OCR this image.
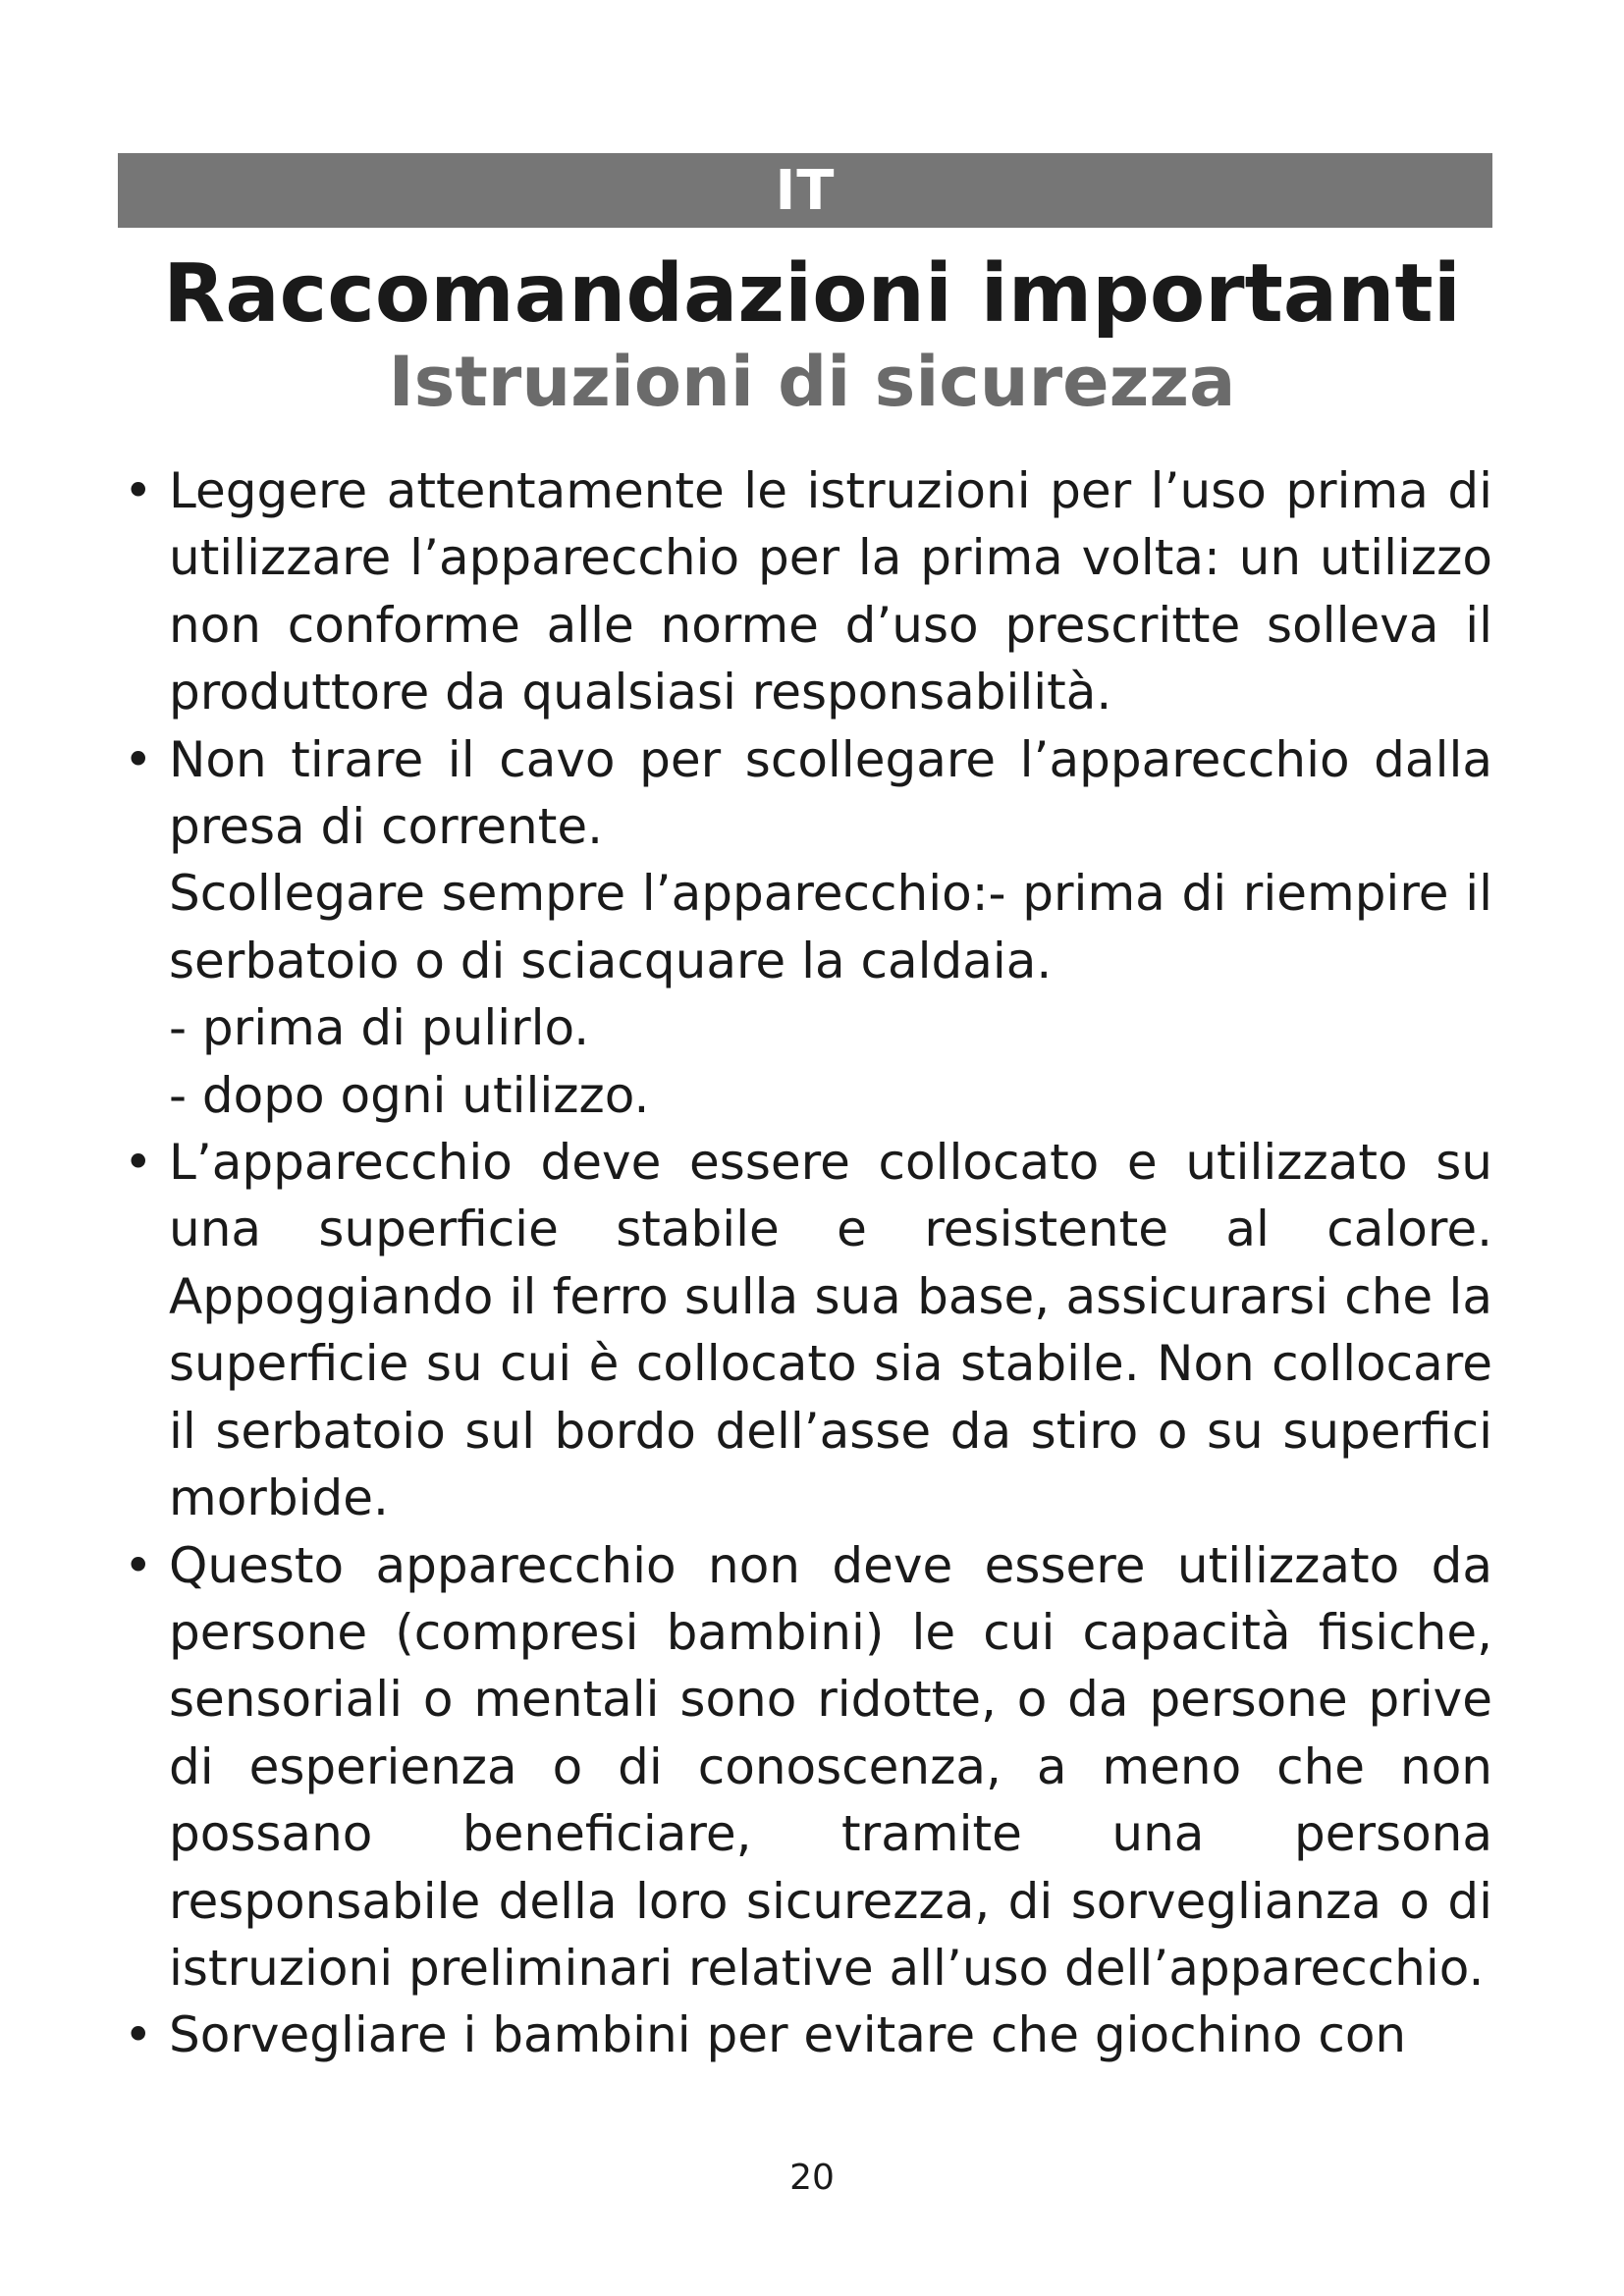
IT
Raccomandazioni importanti
Istruzioni di sicurezza
• Leggere attentamente le istruzioni per l’uso prima di utilizzare l’apparecchio per la prima volta: un utilizzo non conforme alle norme d’uso prescritte solleva il produttore da qualsiasi responsabilità.
• Non tirare il cavo per scollegare l’apparecchio dalla presa di corrente.
Scollegare sempre l’apparecchio:- prima di riempire il serbatoio o di sciacquare la caldaia.
- prima di pulirlo.
- dopo ogni utilizzo.
• L’apparecchio deve essere collocato e utilizzato su una superficie stabile e resistente al calore. Appoggiando il ferro sulla sua base, assicurarsi che la superficie su cui è collocato sia stabile. Non collocare il serbatoio sul bordo dell’asse da stiro o su superfici morbide.
• Questo apparecchio non deve essere utilizzato da persone (compresi bambini) le cui capacità fisiche, sensoriali o mentali sono ridotte, o da persone prive di esperienza o di conoscenza, a meno che non possano beneficiare, tramite una persona responsabile della loro sicurezza, di sorveglianza o di istruzioni preliminari relative all’uso dell’apparecchio.
• Sorvegliare i bambini per evitare che giochino con
20
